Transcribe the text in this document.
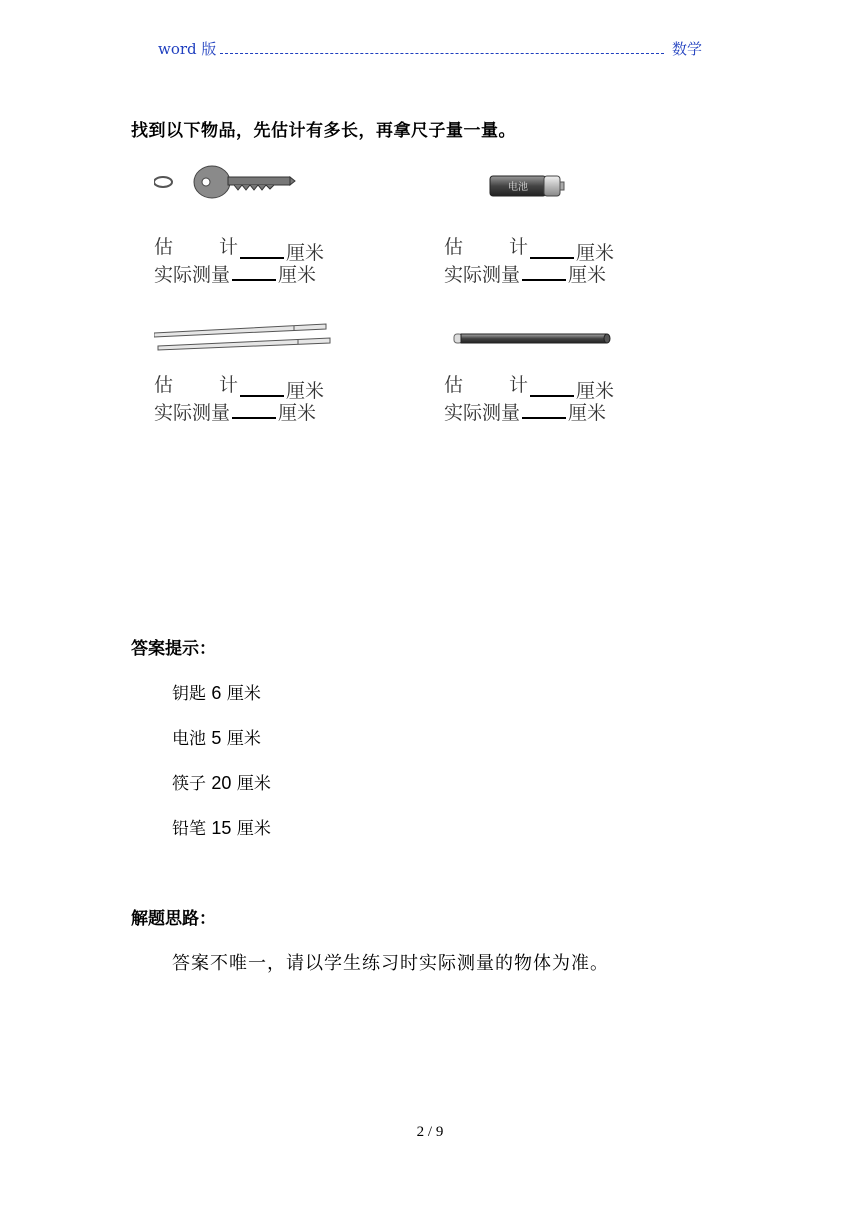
word 版	数学
找到以下物品，先估计有多长，再拿尺子量一量。
估 计	厘米
实际测量	厘米
电池
估 计	厘米
实际测量	厘米
估 计	厘米
实际测量	厘米
估 计	厘米
实际测量	厘米
答案提示：
钥匙 6 厘米
电池 5 厘米
筷子 20 厘米
铅笔 15 厘米
解题思路：
答案不唯一，请以学生练习时实际测量的物体为准。
2 / 9
